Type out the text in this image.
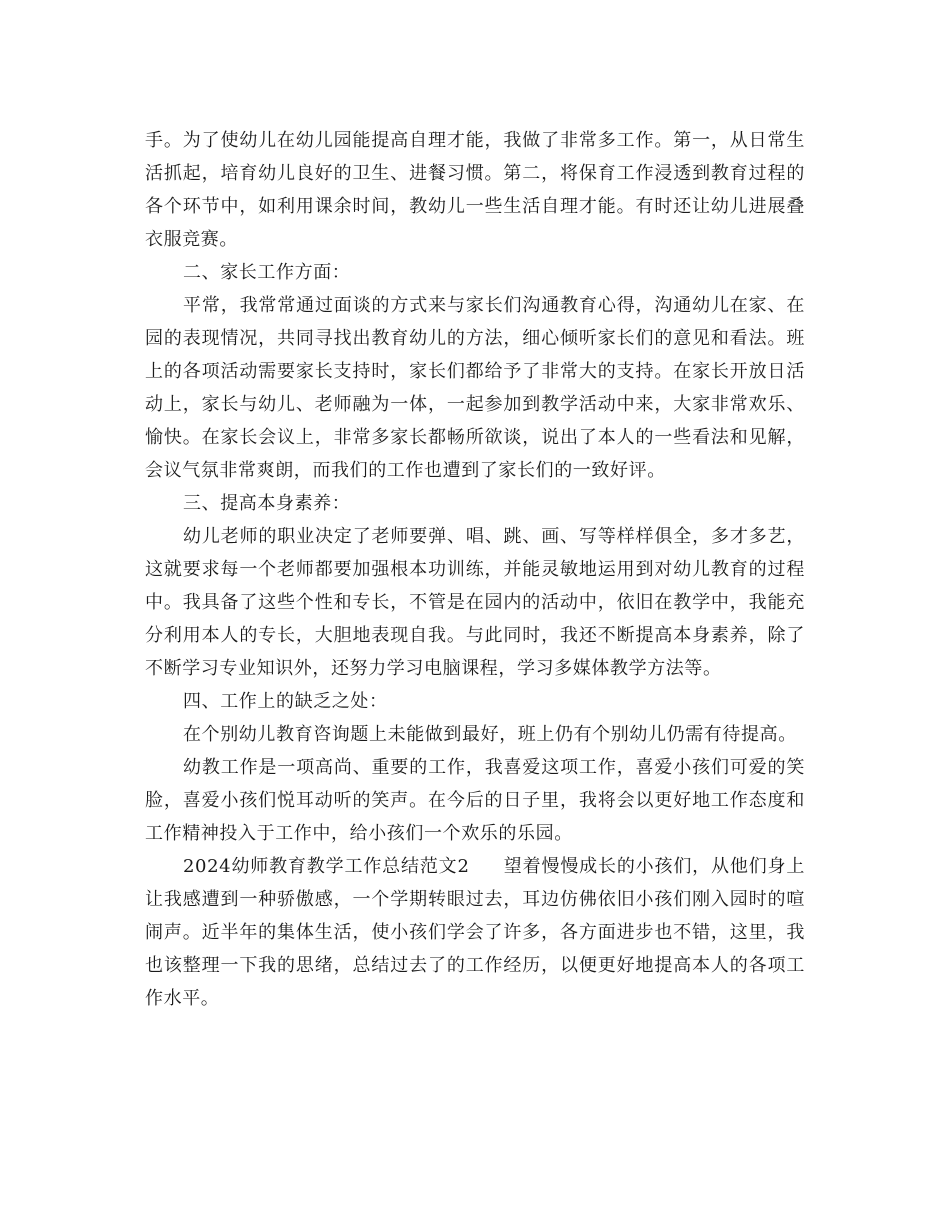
手。为了使幼儿在幼儿园能提高自理才能，我做了非常多工作。第一，从日常生活抓起，培育幼儿良好的卫生、进餐习惯。第二，将保育工作浸透到教育过程的各个环节中，如利用课余时间，教幼儿一些生活自理才能。有时还让幼儿进展叠衣服竞赛。

二、家长工作方面：

平常，我常常通过面谈的方式来与家长们沟通教育心得，沟通幼儿在家、在园的表现情况，共同寻找出教育幼儿的方法，细心倾听家长们的意见和看法。班上的各项活动需要家长支持时，家长们都给予了非常大的支持。在家长开放日活动上，家长与幼儿、老师融为一体，一起参加到教学活动中来，大家非常欢乐、愉快。在家长会议上，非常多家长都畅所欲谈，说出了本人的一些看法和见解，会议气氛非常爽朗，而我们的工作也遭到了家长们的一致好评。

三、提高本身素养：

幼儿老师的职业决定了老师要弹、唱、跳、画、写等样样俱全，多才多艺，这就要求每一个老师都要加强根本功训练，并能灵敏地运用到对幼儿教育的过程中。我具备了这些个性和专长，不管是在园内的活动中，依旧在教学中，我能充分利用本人的专长，大胆地表现自我。与此同时，我还不断提高本身素养，除了不断学习专业知识外，还努力学习电脑课程，学习多媒体教学方法等。

四、工作上的缺乏之处：

在个别幼儿教育咨询题上未能做到最好，班上仍有个别幼儿仍需有待提高。

幼教工作是一项高尚、重要的工作，我喜爱这项工作，喜爱小孩们可爱的笑脸，喜爱小孩们悦耳动听的笑声。在今后的日子里，我将会以更好地工作态度和工作精神投入于工作中，给小孩们一个欢乐的乐园。

2024幼师教育教学工作总结范文2 望着慢慢成长的小孩们，从他们身上让我感遭到一种骄傲感，一个学期转眼过去，耳边仿佛依旧小孩们刚入园时的喧闹声。近半年的集体生活，使小孩们学会了许多，各方面进步也不错，这里，我也该整理一下我的思绪，总结过去了的工作经历，以便更好地提高本人的各项工作水平。
